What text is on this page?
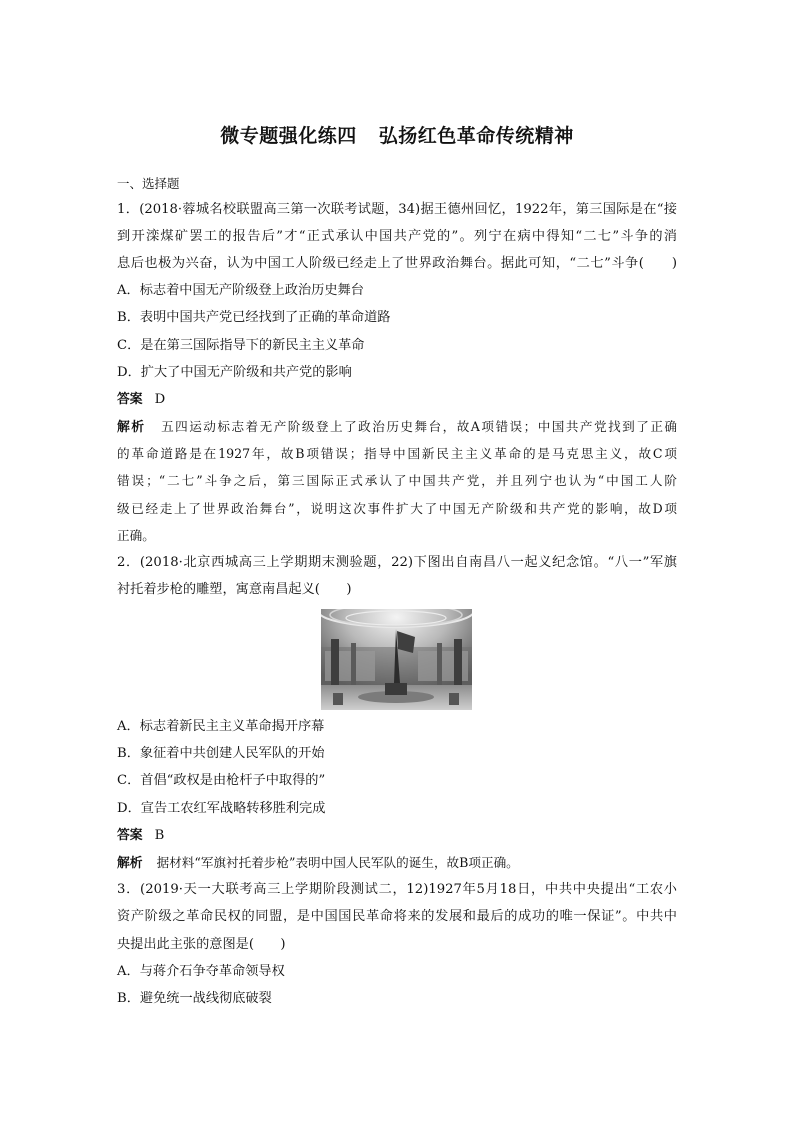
微专题强化练四 弘扬红色革命传统精神
一、选择题
1．(2018·蓉城名校联盟高三第一次联考试题，34)据王德州回忆，1922年，第三国际是在“接
到开滦煤矿罢工的报告后”才“正式承认中国共产党的”。列宁在病中得知“二七”斗争的消
息后也极为兴奋，认为中国工人阶级已经走上了世界政治舞台。据此可知，“二七”斗争(　　)
A．标志着中国无产阶级登上政治历史舞台
B．表明中国共产党已经找到了正确的革命道路
C．是在第三国际指导下的新民主主义革命
D．扩大了中国无产阶级和共产党的影响
答案 D
解析 五四运动标志着无产阶级登上了政治历史舞台，故A项错误；中国共产党找到了正确
的革命道路是在1927年，故B项错误；指导中国新民主主义革命的是马克思主义，故C项
错误；“二七”斗争之后，第三国际正式承认了中国共产党，并且列宁也认为“中国工人阶
级已经走上了世界政治舞台”，说明这次事件扩大了中国无产阶级和共产党的影响，故D项
正确。
2．(2018·北京西城高三上学期期末测验题，22)下图出自南昌八一起义纪念馆。“八一”军旗
衬托着步枪的雕塑，寓意南昌起义(　　)
A．标志着新民主主义革命揭开序幕
B．象征着中共创建人民军队的开始
C．首倡“政权是由枪杆子中取得的”
D．宣告工农红军战略转移胜利完成
答案 B
解析 据材料“军旗衬托着步枪”表明中国人民军队的诞生，故B项正确。
3．(2019·天一大联考高三上学期阶段测试二，12)1927年5月18日，中共中央提出“工农小
资产阶级之革命民权的同盟，是中国国民革命将来的发展和最后的成功的唯一保证”。中共中
央提出此主张的意图是(　　)
A．与蒋介石争夺革命领导权
B．避免统一战线彻底破裂
